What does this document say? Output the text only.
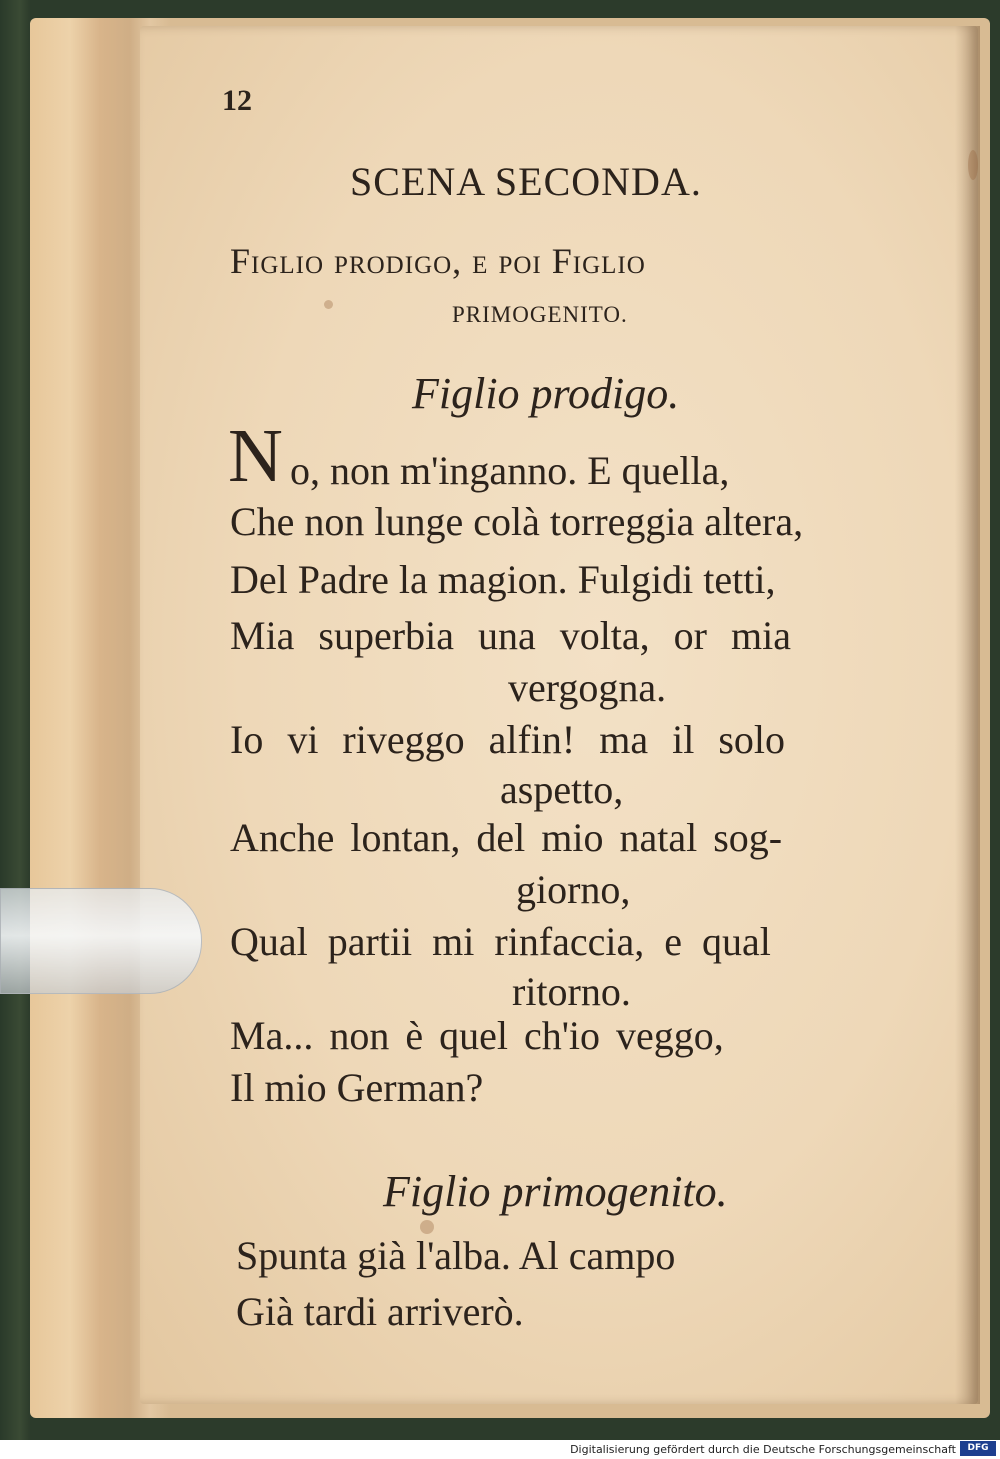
12
SCENA SECONDA.
Figlio prodigo, e poi Figlio
PRIMOGENITO.
Figlio prodigo.
N o, non m'inganno. E quella,
Che non lunge colà torreggia altera,
Del Padre la magion. Fulgidi tetti,
Mia superbia una volta, or mia
vergogna.
Io vi riveggo alfin! ma il solo
aspetto,
Anche lontan, del mio natal sog-
giorno,
Qual partii mi rinfaccia, e qual
ritorno.
Ma... non è quel ch'io veggo,
Il mio German?
Figlio primogenito.
Spunta già l'alba. Al campo
Già tardi arriverò.
Digitalisierung gefördert durch die Deutsche Forschungsgemeinschaft	DFG
